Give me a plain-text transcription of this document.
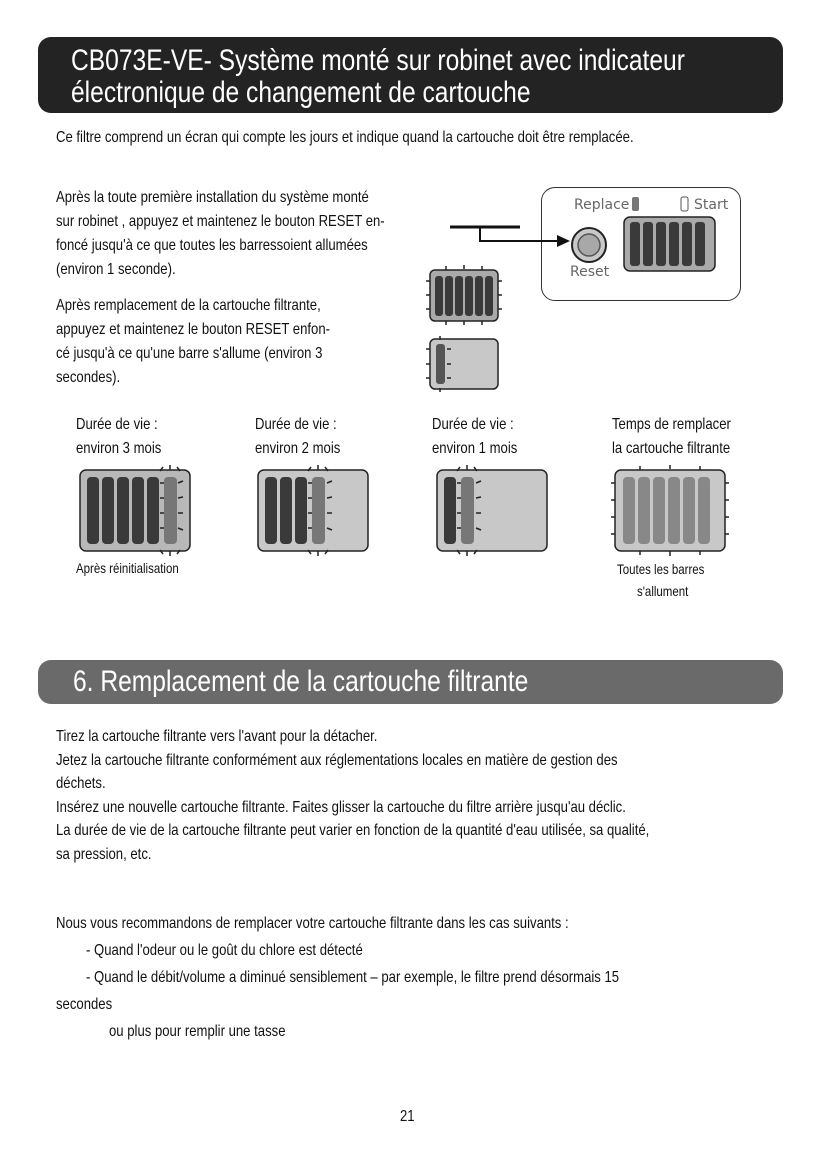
CB073E-VE- Système monté sur robinet avec indicateur
électronique de changement de cartouche
Ce filtre comprend un écran qui compte les jours et indique quand la cartouche doit être remplacée.
Après la toute première installation du système monté
sur robinet , appuyez et maintenez le bouton RESET en-
foncé jusqu'à ce que toutes les barressoient allumées
(environ 1 seconde).
Après remplacement de la cartouche filtrante,
appuyez et maintenez le bouton RESET enfon-
cé jusqu'à ce qu'une barre s'allume (environ 3
secondes).
Replace	Start
Reset
Durée de vie :
environ 3 mois
Durée de vie :
environ 2 mois
Durée de vie :
environ 1 mois
Temps de remplacer
la cartouche filtrante
Après réinitialisation	Toutes les barres
s'allument
6. Remplacement de la cartouche filtrante
Tirez la cartouche filtrante vers l'avant pour la détacher.
Jetez la cartouche filtrante conformément aux réglementations locales en matière de gestion des
déchets.
Insérez une nouvelle cartouche filtrante. Faites glisser la cartouche du filtre arrière jusqu'au déclic.
La durée de vie de la cartouche filtrante peut varier en fonction de la quantité d'eau utilisée, sa qualité,
sa pression, etc.
Nous vous recommandons de remplacer votre cartouche filtrante dans les cas suivants :
- Quand l'odeur ou le goût du chlore est détecté
- Quand le débit/volume a diminué sensiblement – par exemple, le filtre prend désormais 15
secondes
ou plus pour remplir une tasse
21
